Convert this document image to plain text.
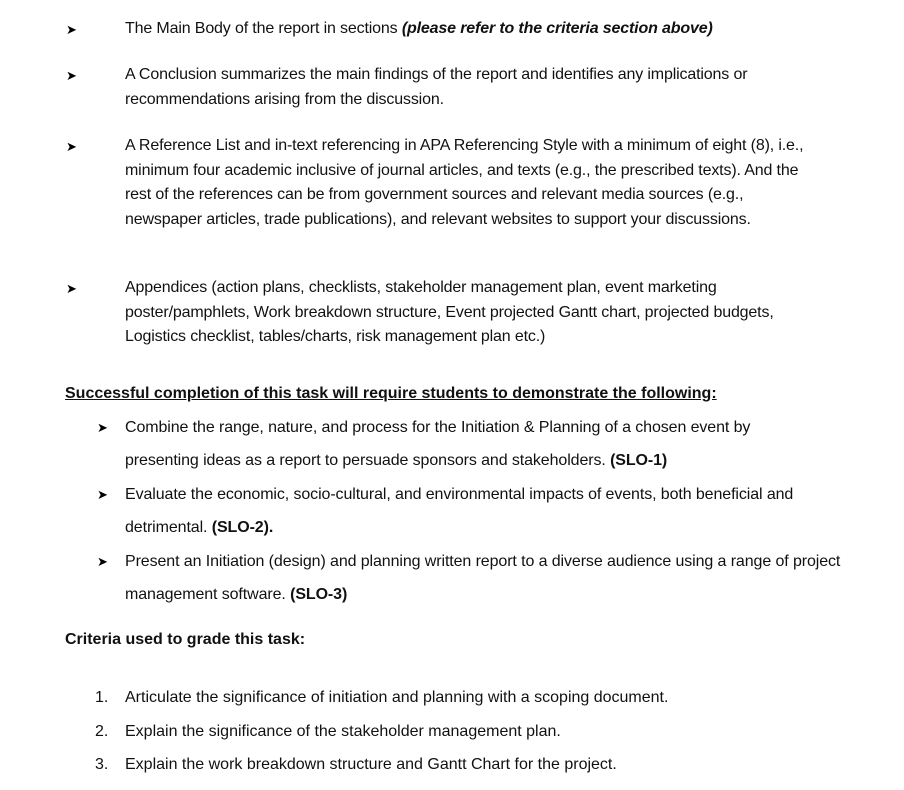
➤	The Main Body of the report in sections (please refer to the criteria section above)

➤	A Conclusion summarizes the main findings of the report and identifies any implications or recommendations arising from the discussion.

➤	A Reference List and in-text referencing in APA Referencing Style with a minimum of eight (8), i.e., minimum four academic inclusive of journal articles, and texts (e.g., the prescribed texts). And the rest of the references can be from government sources and relevant media sources (e.g., newspaper articles, trade publications), and relevant websites to support your discussions.

➤	Appendices (action plans, checklists, stakeholder management plan, event marketing poster/pamphlets, Work breakdown structure, Event projected Gantt chart, projected budgets, Logistics checklist, tables/charts, risk management plan etc.)

Successful completion of this task will require students to demonstrate the following:

➤ Combine the range, nature, and process for the Initiation & Planning of a chosen event by presenting ideas as a report to persuade sponsors and stakeholders. (SLO-1)

➤ Evaluate the economic, socio-cultural, and environmental impacts of events, both beneficial and detrimental. (SLO-2).

➤ Present an Initiation (design) and planning written report to a diverse audience using a range of project management software. (SLO-3)

Criteria used to grade this task:

1. Articulate the significance of initiation and planning with a scoping document.

2. Explain the significance of the stakeholder management plan.

3. Explain the work breakdown structure and Gantt Chart for the project.
